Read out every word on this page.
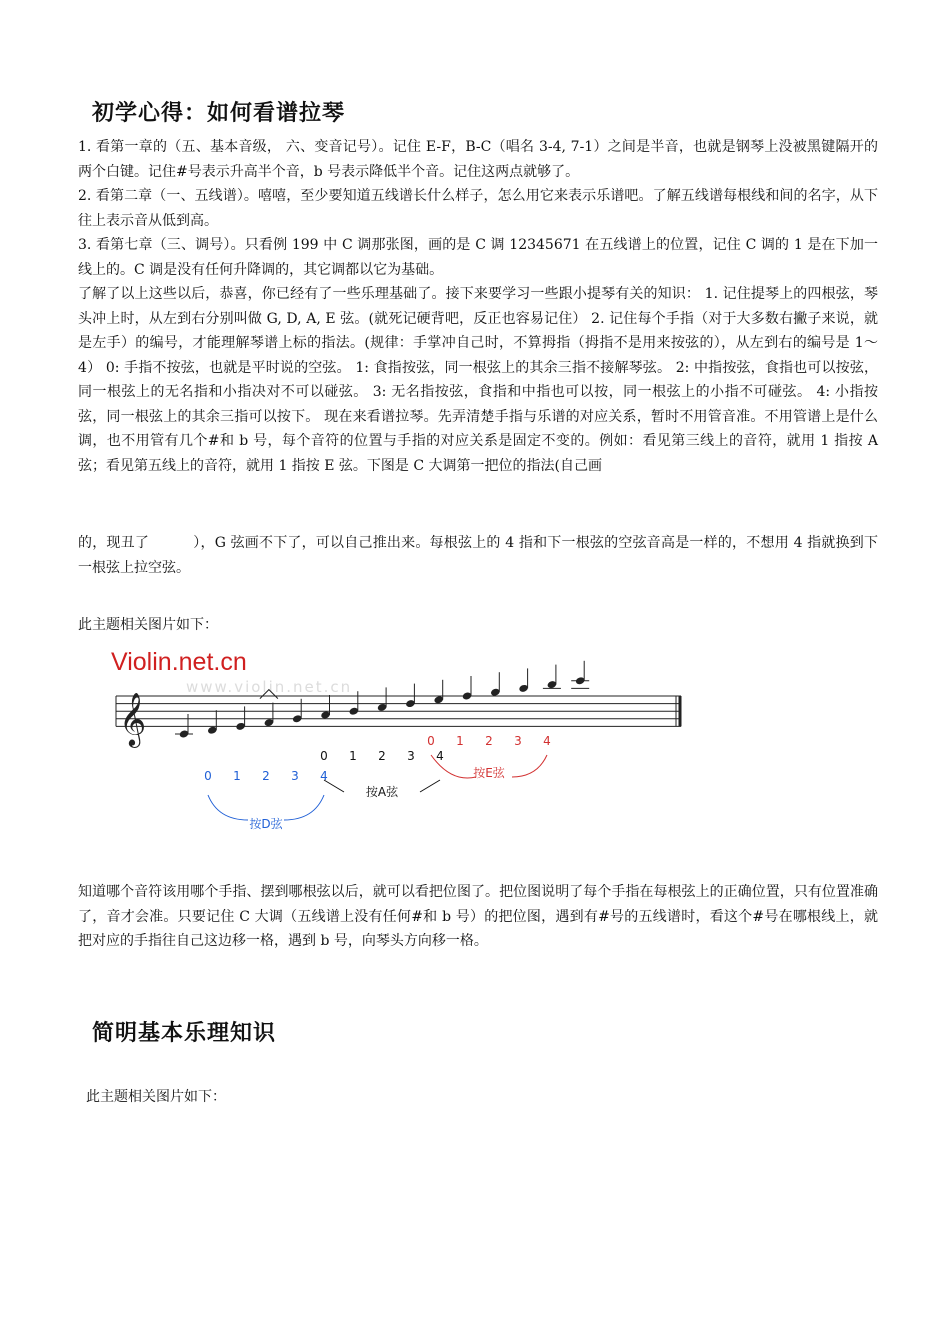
初学心得：如何看谱拉琴
1. 看第一章的（五、基本音级， 六、变音记号）。记住 E-F，B-C（唱名 3-4, 7-1）之间是半音，也就是钢琴上没被黑键隔开的两个白键。记住#号表示升高半个音，b 号表示降低半个音。记住这两点就够了。
2. 看第二章（一、五线谱）。嘻嘻，至少要知道五线谱长什么样子，怎么用它来表示乐谱吧。了解五线谱每根线和间的名字，从下往上表示音从低到高。
3. 看第七章（三、调号）。只看例 199 中 C 调那张图，画的是 C 调 12345671 在五线谱上的位置，记住 C 调的 1 是在下加一线上的。C 调是没有任何升降调的，其它调都以它为基础。
了解了以上这些以后，恭喜，你已经有了一些乐理基础了。接下来要学习一些跟小提琴有关的知识： 1. 记住提琴上的四根弦，琴头冲上时，从左到右分别叫做 G, D, A, E 弦。(就死记硬背吧，反正也容易记住） 2. 记住每个手指（对于大多数右撇子来说，就是左手）的编号，才能理解琴谱上标的指法。(规律：手掌冲自己时，不算拇指（拇指不是用来按弦的），从左到右的编号是 1～4） 0: 手指不按弦，也就是平时说的空弦。 1: 食指按弦，同一根弦上的其余三指不接解琴弦。 2: 中指按弦，食指也可以按弦，同一根弦上的无名指和小指决对不可以碰弦。 3: 无名指按弦，食指和中指也可以按，同一根弦上的小指不可碰弦。 4: 小指按弦，同一根弦上的其余三指可以按下。 现在来看谱拉琴。先弄清楚手指与乐谱的对应关系，暂时不用管音准。不用管谱上是什么调，也不用管有几个#和 b 号，每个音符的位置与手指的对应关系是固定不变的。例如：看见第三线上的音符，就用 1 指按 A 弦；看见第五线上的音符，就用 1 指按 E 弦。下图是 C 大调第一把位的指法(自己画
的，现丑了	），G 弦画不下了，可以自己推出来。每根弦上的 4 指和下一根弦的空弦音高是一样的，不想用 4 指就换到下一根弦上拉空弦。
此主题相关图片如下：
Violin.net.cn
www.violin.net.cn
𝄞
0 1 2 3 4
按D弦
0 1 2 3 4
按A弦
0 1 2 3 4
按E弦
知道哪个音符该用哪个手指、摆到哪根弦以后，就可以看把位图了。把位图说明了每个手指在每根弦上的正确位置，只有位置准确了，音才会准。只要记住 C 大调（五线谱上没有任何#和 b 号）的把位图，遇到有#号的五线谱时，看这个#号在哪根线上，就把对应的手指往自己这边移一格，遇到 b 号，向琴头方向移一格。
简明基本乐理知识
此主题相关图片如下：
